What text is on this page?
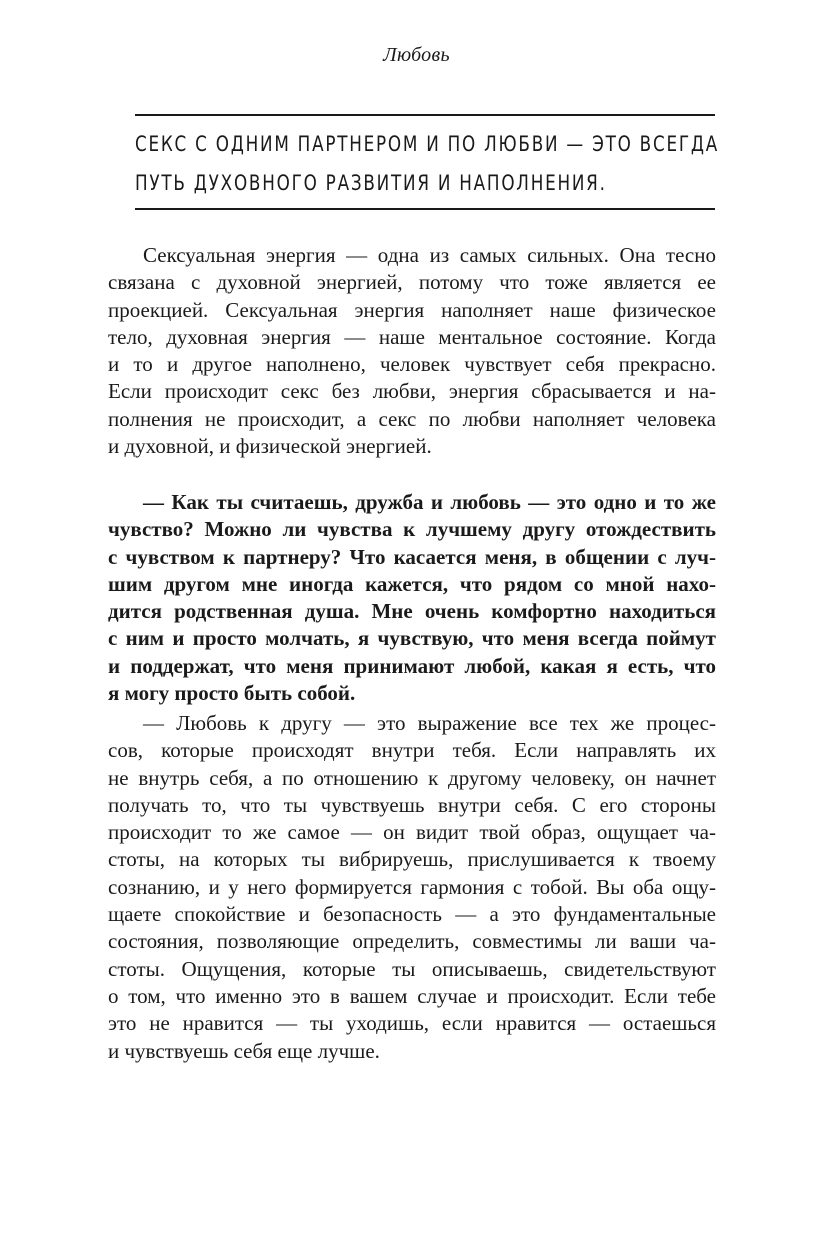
Любовь
СЕКС С ОДНИМ ПАРТНЕРОМ И ПО ЛЮБВИ — ЭТО ВСЕГДА
ПУТЬ ДУХОВНОГО РАЗВИТИЯ И НАПОЛНЕНИЯ.
Сексуальная энергия — одна из самых сильных. Она тесно
связана с духовной энергией, потому что тоже является ее
проекцией. Сексуальная энергия наполняет наше физическое
тело, духовная энергия — наше ментальное состояние. Когда
и то и другое наполнено, человек чувствует себя прекрасно.
Если происходит секс без любви, энергия сбрасывается и на-
полнения не происходит, а секс по любви наполняет человека
и духовной, и физической энергией.
— Как ты считаешь, дружба и любовь — это одно и то же
чувство? Можно ли чувства к лучшему другу отождествить
с чувством к партнеру? Что касается меня, в общении с луч-
шим другом мне иногда кажется, что рядом со мной нахо-
дится родственная душа. Мне очень комфортно находиться
с ним и просто молчать, я чувствую, что меня всегда поймут
и поддержат, что меня принимают любой, какая я есть, что
я могу просто быть собой.
— Любовь к другу — это выражение все тех же процес-
сов, которые происходят внутри тебя. Если направлять их
не внутрь себя, а по отношению к другому человеку, он начнет
получать то, что ты чувствуешь внутри себя. С его стороны
происходит то же самое — он видит твой образ, ощущает ча-
стоты, на которых ты вибрируешь, прислушивается к твоему
сознанию, и у него формируется гармония с тобой. Вы оба ощу-
щаете спокойствие и безопасность — а это фундаментальные
состояния, позволяющие определить, совместимы ли ваши ча-
стоты. Ощущения, которые ты описываешь, свидетельствуют
о том, что именно это в вашем случае и происходит. Если тебе
это не нравится — ты уходишь, если нравится — остаешься
и чувствуешь себя еще лучше.
